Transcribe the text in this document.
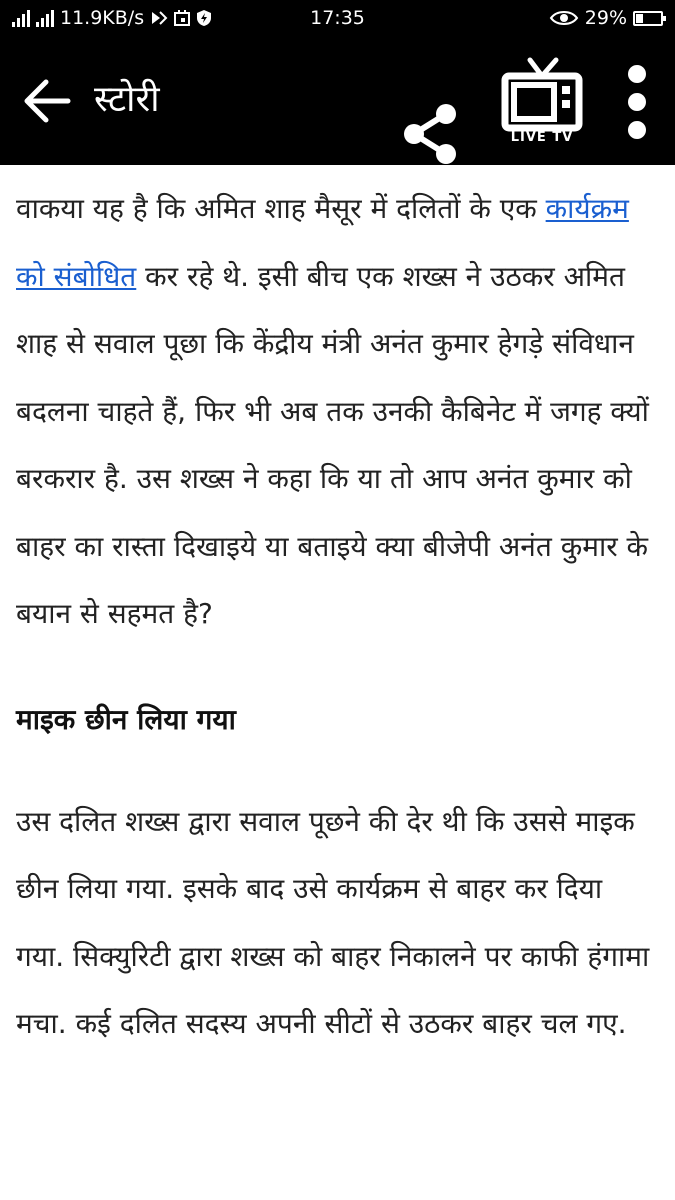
11.9KB/s	17:35	29%
स्टोरी
LIVE TV

वाकया यह है कि अमित शाह मैसूर में दलितों के एक कार्यक्रम को संबोधित कर रहे थे. इसी बीच एक शख्स ने उठकर अमित शाह से सवाल पूछा कि केंद्रीय मंत्री अनंत कुमार हेगड़े संविधान बदलना चाहते हैं, फिर भी अब तक उनकी कैबिनेट में जगह क्यों बरकरार है. उस शख्स ने कहा कि या तो आप अनंत कुमार को बाहर का रास्ता दिखाइये या बताइये क्या बीजेपी अनंत कुमार के बयान से सहमत है?

माइक छीन लिया गया

उस दलित शख्स द्वारा सवाल पूछने की देर थी कि उससे माइक छीन लिया गया. इसके बाद उसे कार्यक्रम से बाहर कर दिया गया. सिक्युरिटी द्वारा शख्स को बाहर निकालने पर काफी हंगामा मचा. कई दलित सदस्य अपनी सीटों से उठकर बाहर चल गए.
